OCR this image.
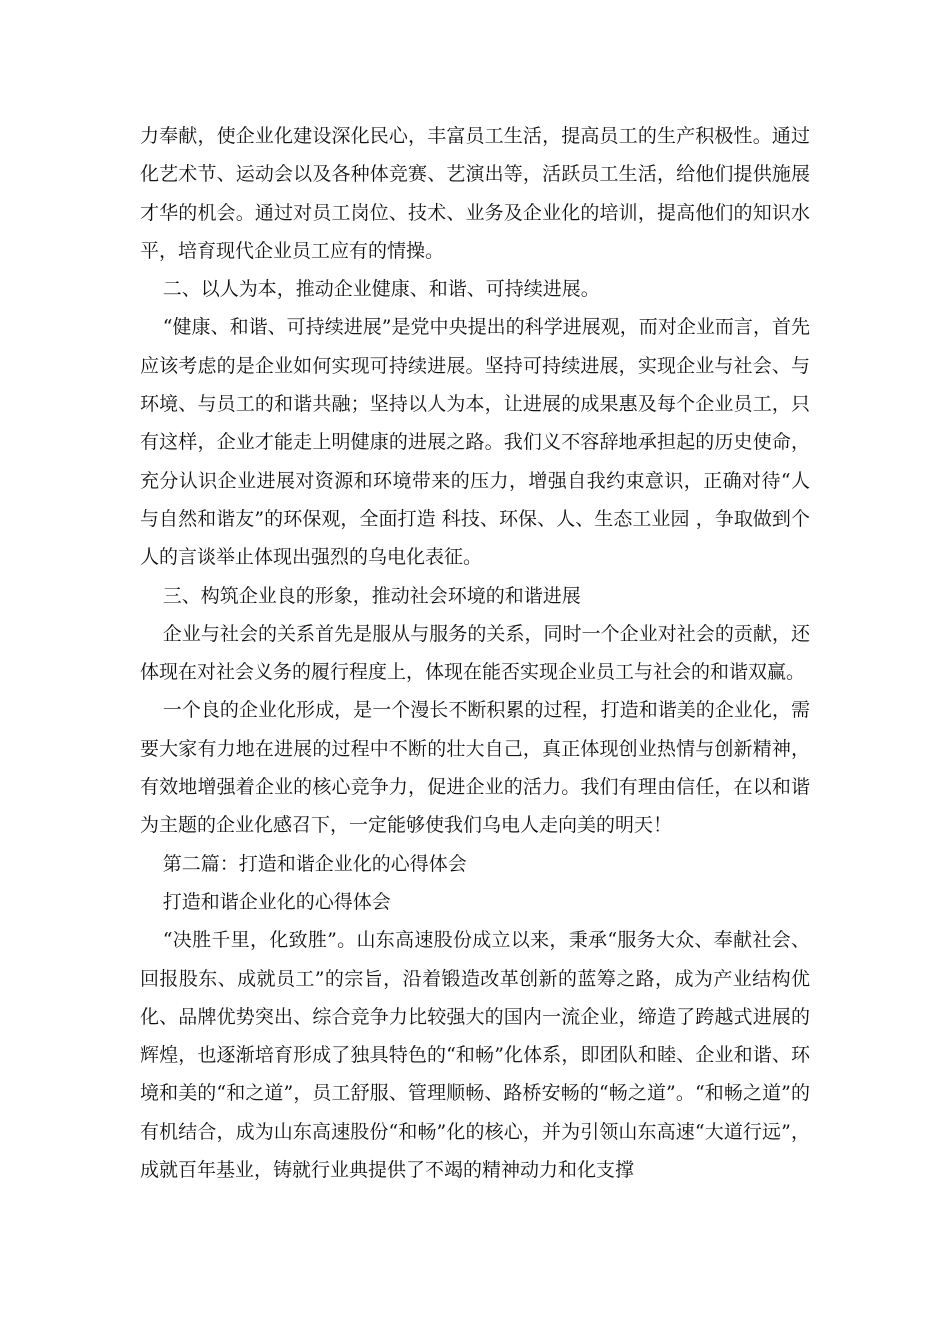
力奉献，使企业化建设深化民心，丰富员工生活，提高员工的生产积极性。通过化艺术节、运动会以及各种体竞赛、艺演出等，活跃员工生活，给他们提供施展才华的机会。通过对员工岗位、技术、业务及企业化的培训，提高他们的知识水平，培育现代企业员工应有的情操。

二、以人为本，推动企业健康、和谐、可持续进展。

“健康、和谐、可持续进展”是党中央提出的科学进展观，而对企业而言，首先应该考虑的是企业如何实现可持续进展。坚持可持续进展，实现企业与社会、与环境、与员工的和谐共融；坚持以人为本，让进展的成果惠及每个企业员工，只有这样，企业才能走上明健康的进展之路。我们义不容辞地承担起的历史使命，充分认识企业进展对资源和环境带来的压力，增强自我约束意识，正确对待“人与自然和谐友”的环保观，全面打造 科技、环保、人、生态工业园 ，争取做到个人的言谈举止体现出强烈的乌电化表征。

三、构筑企业良的形象，推动社会环境的和谐进展

企业与社会的关系首先是服从与服务的关系，同时一个企业对社会的贡献，还体现在对社会义务的履行程度上，体现在能否实现企业员工与社会的和谐双赢。

一个良的企业化形成，是一个漫长不断积累的过程，打造和谐美的企业化，需要大家有力地在进展的过程中不断的壮大自己，真正体现创业热情与创新精神，有效地增强着企业的核心竞争力，促进企业的活力。我们有理由信任，在以和谐为主题的企业化感召下，一定能够使我们乌电人走向美的明天！

第二篇：打造和谐企业化的心得体会

打造和谐企业化的心得体会

“决胜千里，化致胜”。山东高速股份成立以来，秉承“服务大众、奉献社会、回报股东、成就员工”的宗旨，沿着锻造改革创新的蓝筹之路，成为产业结构优化、品牌优势突出、综合竞争力比较强大的国内一流企业，缔造了跨越式进展的辉煌，也逐渐培育形成了独具特色的“和畅”化体系，即团队和睦、企业和谐、环境和美的“和之道”，员工舒服、管理顺畅、路桥安畅的“畅之道”。“和畅之道”的有机结合，成为山东高速股份“和畅”化的核心，并为引领山东高速“大道行远”，成就百年基业，铸就行业典提供了不竭的精神动力和化支撑
